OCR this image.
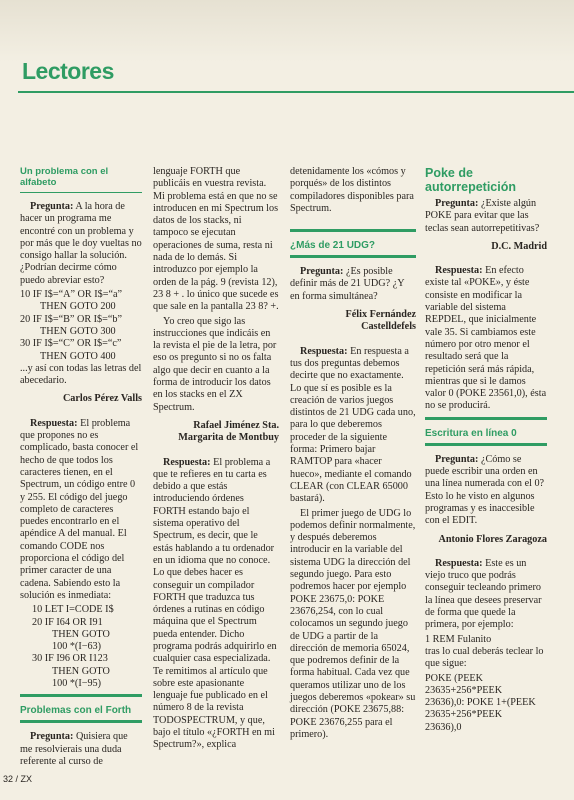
Lectores
Un problema con el alfabeto

Pregunta: A la hora de hacer un programa me encontré con un problema y por más que le doy vueltas no consigo hallar la solución. ¿Podrían decirme cómo puedo abreviar esto?

10 IF I$=“A” OR I$=“a”
THEN GOTO 200
20 IF I$=“B” OR I$=“b”
THEN GOTO 300
30 IF I$=“C” OR I$=“c”
THEN GOTO 400

...y así con todas las letras del abecedario.

Carlos Pérez Valls

Respuesta: El problema que propones no es complicado, basta conocer el hecho de que todos los caracteres tienen, en el Spectrum, un código entre 0 y 255. El código del juego completo de caracteres puedes encontrarlo en el apéndice A del manual. El comando CODE nos proporciona el código del primer caracter de una cadena. Sabiendo esto la solución es inmediata:

10 LET I=CODE I$
20 IF I64 OR I91
THEN GOTO
100 *(I−63)
30 IF I96 OR I123
THEN GOTO
100 *(I−95)
Problemas con el Forth

Pregunta: Quisiera que me resolvierais una duda referente al curso de

lenguaje FORTH que publicáis en vuestra revista. Mi problema está en que no se introducen en mi Spectrum los datos de los stacks, ni tampoco se ejecutan operaciones de suma, resta ni nada de lo demás. Si introduzco por ejemplo la orden de la pág. 9 (revista 12), 23 8 + . lo único que sucede es que sale en la pantalla 23 8? +.

Yo creo que sigo las instrucciones que indicáis en la revista el pie de la letra, por eso os pregunto si no os falta algo que decir en cuanto a la forma de introducir los datos en los stacks en el ZX Spectrum.

Rafael Jiménez Sta. Margarita de Montbuy

Respuesta: El problema a que te refieres en tu carta es debido a que estás introduciendo órdenes FORTH estando bajo el sistema operativo del Spectrum, es decir, que le estás hablando a tu ordenador en un idioma que no conoce. Lo que debes hacer es conseguir un compilador FORTH que traduzca tus órdenes a rutinas en código máquina que el Spectrum pueda entender. Dicho programa podrás adquirirlo en cualquier casa especializada. Te remitimos al artículo que sobre este apasionante lenguaje fue publicado en el número 8 de la revista TODOSPECTRUM, y que, bajo el título «¿FORTH en mi Spectrum?», explica

detenidamente los «cómos y porqués» de los distintos compiladores disponibles para Spectrum.

¿Más de 21 UDG?

Pregunta: ¿Es posible definir más de 21 UDG? ¿Y en forma simultánea?

Félix Fernández Castelldefels

Respuesta: En respuesta a tus dos preguntas debemos decirte que no exactamente. Lo que sí es posible es la creación de varios juegos distintos de 21 UDG cada uno, para lo que deberemos proceder de la siguiente forma: Primero bajar RAMTOP para «hacer hueco», mediante el comando CLEAR (con CLEAR 65000 bastará).

El primer juego de UDG lo podemos definir normalmente, y después deberemos introducir en la variable del sistema UDG la dirección del segundo juego. Para esto podremos hacer por ejemplo POKE 23675,0: POKE 23676,254, con lo cual colocamos un segundo juego de UDG a partir de la dirección de memoria 65024, que podremos definir de la forma habitual. Cada vez que queramos utilizar uno de los juegos deberemos «pokear» su dirección (POKE 23675,88: POKE 23676,255 para el primero).

Poke de autorrepetición

Pregunta: ¿Existe algún POKE para evitar que las teclas sean autorrepetitivas?

D.C. Madrid

Respuesta: En efecto existe tal «POKE», y éste consiste en modificar la variable del sistema REPDEL, que inicialmente vale 35. Si cambiamos este número por otro menor el resultado será que la repetición será más rápida, mientras que si le damos valor 0 (POKE 23561,0), ésta no se producirá.

Escritura en línea 0

Pregunta: ¿Cómo se puede escribir una orden en una línea numerada con el 0? Esto lo he visto en algunos programas y es inaccesible con el EDIT.

Antonio Flores Zaragoza

Respuesta: Este es un viejo truco que podrás conseguir tecleando primero la línea que desees preservar de forma que quede la primera, por ejemplo:

1 REM Fulanito

tras lo cual deberás teclear lo que sigue:

POKE (PEEK
23635+256*PEEK
23636),0: POKE 1+(PEEK
23635+256*PEEK
23636),0
32 / ZX
